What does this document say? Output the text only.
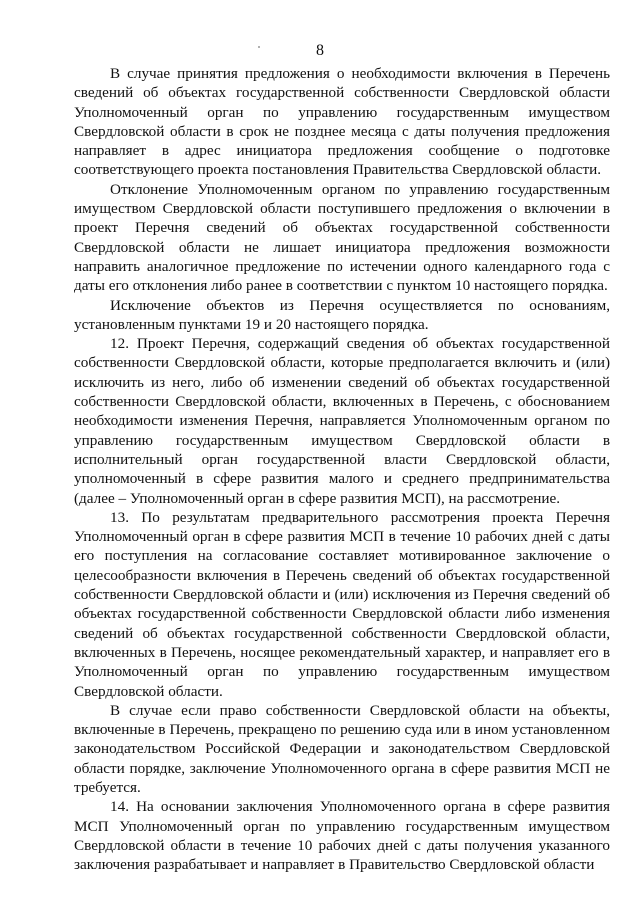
8

В случае принятия предложения о необходимости включения в Перечень сведений об объектах государственной собственности Свердловской области Уполномоченный орган по управлению государственным имуществом Свердловской области в срок не позднее месяца с даты получения предложения направляет в адрес инициатора предложения сообщение о подготовке соответствующего проекта постановления Правительства Свердловской области.

Отклонение Уполномоченным органом по управлению государственным имуществом Свердловской области поступившего предложения о включении в проект Перечня сведений об объектах государственной собственности Свердловской области не лишает инициатора предложения возможности направить аналогичное предложение по истечении одного календарного года с даты его отклонения либо ранее в соответствии с пунктом 10 настоящего порядка.

Исключение объектов из Перечня осуществляется по основаниям, установленным пунктами 19 и 20 настоящего порядка.

12. Проект Перечня, содержащий сведения об объектах государственной собственности Свердловской области, которые предполагается включить и (или) исключить из него, либо об изменении сведений об объектах государственной собственности Свердловской области, включенных в Перечень, с обоснованием необходимости изменения Перечня, направляется Уполномоченным органом по управлению государственным имуществом Свердловской области в исполнительный орган государственной власти Свердловской области, уполномоченный в сфере развития малого и среднего предпринимательства (далее – Уполномоченный орган в сфере развития МСП), на рассмотрение.

13. По результатам предварительного рассмотрения проекта Перечня Уполномоченный орган в сфере развития МСП в течение 10 рабочих дней с даты его поступления на согласование составляет мотивированное заключение о целесообразности включения в Перечень сведений об объектах государственной собственности Свердловской области и (или) исключения из Перечня сведений об объектах государственной собственности Свердловской области либо изменения сведений об объектах государственной собственности Свердловской области, включенных в Перечень, носящее рекомендательный характер, и направляет его в Уполномоченный орган по управлению государственным имуществом Свердловской области.

В случае если право собственности Свердловской области на объекты, включенные в Перечень, прекращено по решению суда или в ином установленном законодательством Российской Федерации и законодательством Свердловской области порядке, заключение Уполномоченного органа в сфере развития МСП не требуется.

14. На основании заключения Уполномоченного органа в сфере развития МСП Уполномоченный орган по управлению государственным имуществом Свердловской области в течение 10 рабочих дней с даты получения указанного заключения разрабатывает и направляет в Правительство Свердловской области
